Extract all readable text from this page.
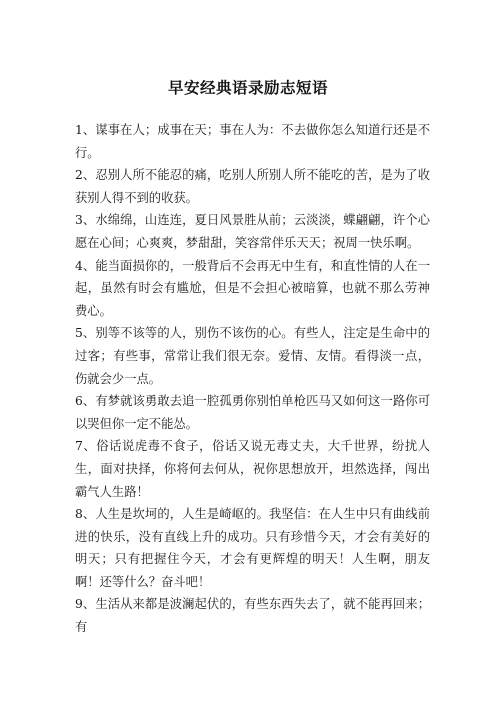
早安经典语录励志短语

1、谋事在人；成事在天；事在人为：不去做你怎么知道行还是不行。

2、忍别人所不能忍的痛，吃别人所别人所不能吃的苦，是为了收获别人得不到的收获。

3、水绵绵，山连连，夏日风景胜从前；云淡淡，蝶翩翩，许个心愿在心间；心爽爽，梦甜甜，笑容常伴乐天天；祝周一快乐啊。

4、能当面损你的，一般背后不会再无中生有，和直性情的人在一起，虽然有时会有尴尬，但是不会担心被暗算，也就不那么劳神费心。

5、别等不该等的人，别伤不该伤的心。有些人，注定是生命中的过客；有些事，常常让我们很无奈。爱情、友情。看得淡一点，伤就会少一点。

6、有梦就该勇敢去追一腔孤勇你别怕单枪匹马又如何这一路你可以哭但你一定不能怂。

7、俗话说虎毒不食子，俗话又说无毒丈夫，大千世界，纷扰人生，面对抉择，你将何去何从，祝你思想放开，坦然选择，闯出霸气人生路！

8、人生是坎坷的，人生是崎岖的。我坚信：在人生中只有曲线前进的快乐，没有直线上升的成功。只有珍惜今天，才会有美好的明天；只有把握住今天，才会有更辉煌的明天！人生啊，朋友啊！还等什么？奋斗吧！

9、生活从来都是波澜起伏的，有些东西失去了，就不能再回来；有
